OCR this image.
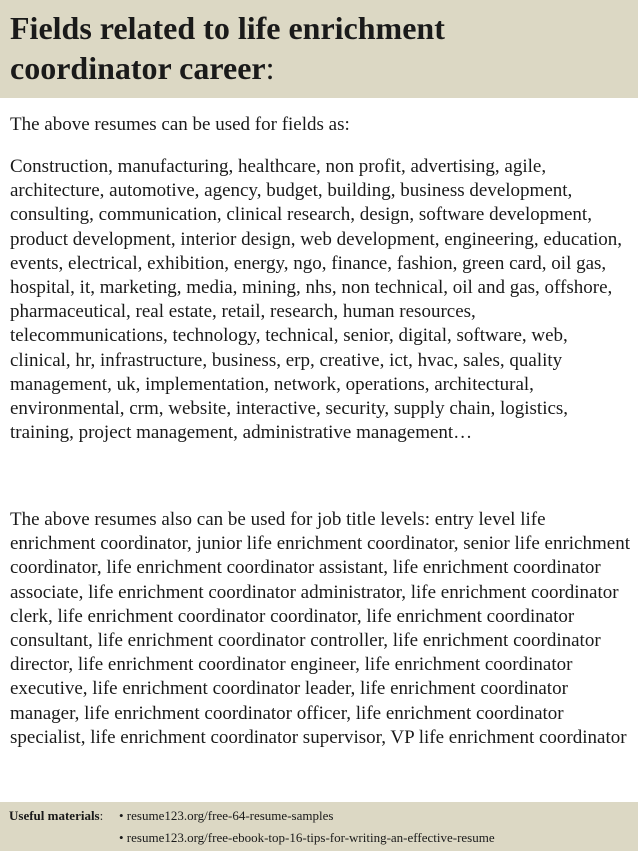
Fields related to life enrichment
coordinator career:

The above resumes can be used for fields as:

Construction, manufacturing, healthcare, non profit, advertising, agile, architecture, automotive, agency, budget, building, business development, consulting, communication, clinical research, design, software development, product development, interior design, web development, engineering, education, events, electrical, exhibition, energy, ngo, finance, fashion, green card, oil gas, hospital, it, marketing, media, mining, nhs, non technical, oil and gas, offshore, pharmaceutical, real estate, retail, research, human resources, telecommunications, technology, technical, senior, digital, software, web, clinical, hr, infrastructure, business, erp, creative, ict, hvac, sales, quality management, uk, implementation, network, operations, architectural, environmental, crm, website, interactive, security, supply chain, logistics, training, project management, administrative management…

The above resumes also can be used for job title levels: entry level life enrichment coordinator, junior life enrichment coordinator, senior life enrichment coordinator, life enrichment coordinator assistant, life enrichment coordinator associate, life enrichment coordinator administrator, life enrichment coordinator clerk, life enrichment coordinator coordinator, life enrichment coordinator consultant, life enrichment coordinator controller, life enrichment coordinator director, life enrichment coordinator engineer, life enrichment coordinator executive, life enrichment coordinator leader, life enrichment coordinator manager, life enrichment coordinator officer, life enrichment coordinator specialist, life enrichment coordinator supervisor, VP life enrichment coordinator

Useful materials: • resume123.org/free-64-resume-samples
• resume123.org/free-ebook-top-16-tips-for-writing-an-effective-resume
